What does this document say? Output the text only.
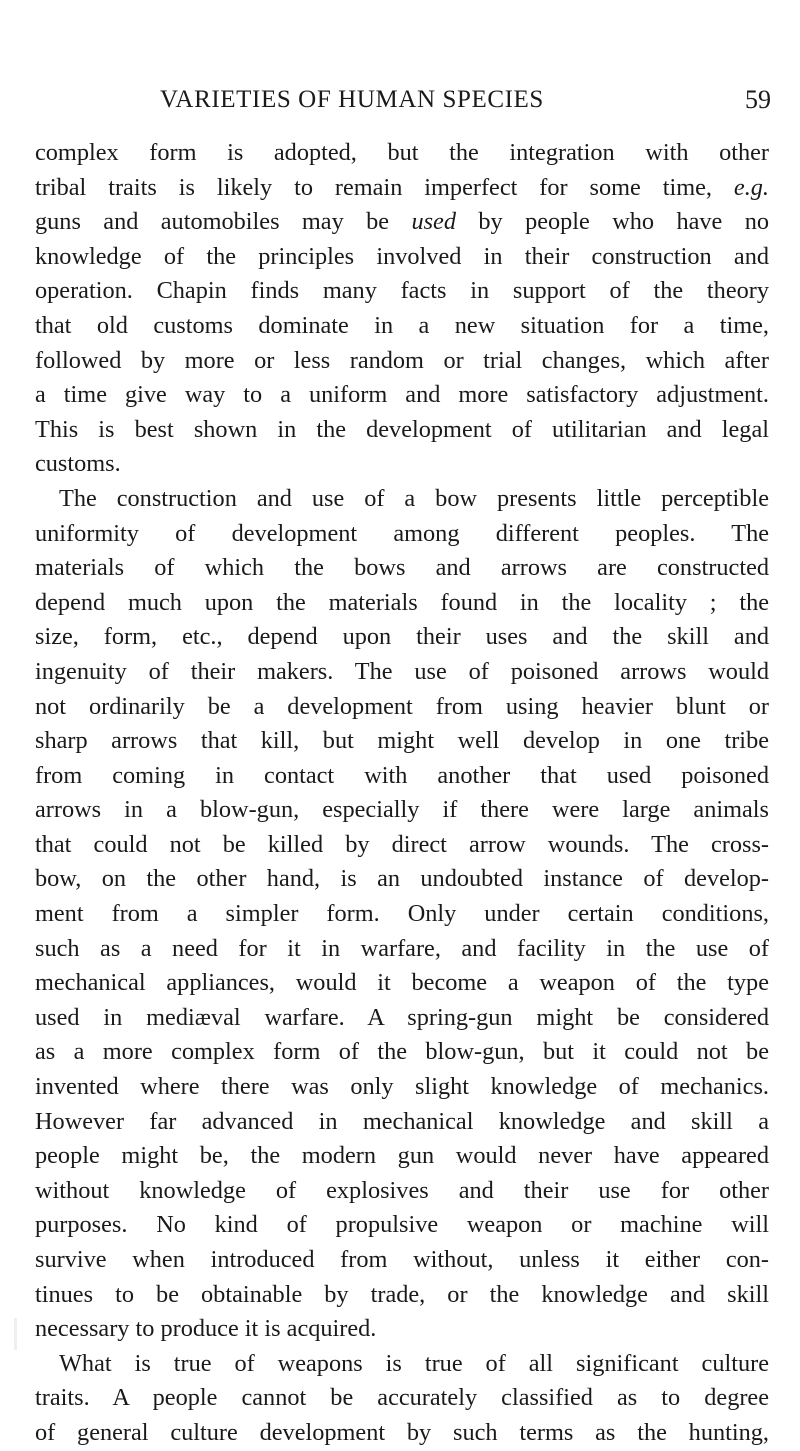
VARIETIES OF HUMAN SPECIES	59
complex form is adopted, but the integration with other
tribal traits is likely to remain imperfect for some time, e.g.
guns and automobiles may be used by people who have no
knowledge of the principles involved in their construction and
operation. Chapin finds many facts in support of the theory
that old customs dominate in a new situation for a time,
followed by more or less random or trial changes, which after
a time give way to a uniform and more satisfactory adjustment.
This is best shown in the development of utilitarian and legal
customs.
The construction and use of a bow presents little perceptible
uniformity of development among different peoples. The
materials of which the bows and arrows are constructed
depend much upon the materials found in the locality ; the
size, form, etc., depend upon their uses and the skill and
ingenuity of their makers. The use of poisoned arrows would
not ordinarily be a development from using heavier blunt or
sharp arrows that kill, but might well develop in one tribe
from coming in contact with another that used poisoned
arrows in a blow-gun, especially if there were large animals
that could not be killed by direct arrow wounds. The cross-
bow, on the other hand, is an undoubted instance of develop-
ment from a simpler form. Only under certain conditions,
such as a need for it in warfare, and facility in the use of
mechanical appliances, would it become a weapon of the type
used in mediæval warfare. A spring-gun might be considered
as a more complex form of the blow-gun, but it could not be
invented where there was only slight knowledge of mechanics.
However far advanced in mechanical knowledge and skill a
people might be, the modern gun would never have appeared
without knowledge of explosives and their use for other
purposes. No kind of propulsive weapon or machine will
survive when introduced from without, unless it either con-
tinues to be obtainable by trade, or the knowledge and skill
necessary to produce it is acquired.
What is true of weapons is true of all significant culture
traits. A people cannot be accurately classified as to degree
of general culture development by such terms as the hunting,
